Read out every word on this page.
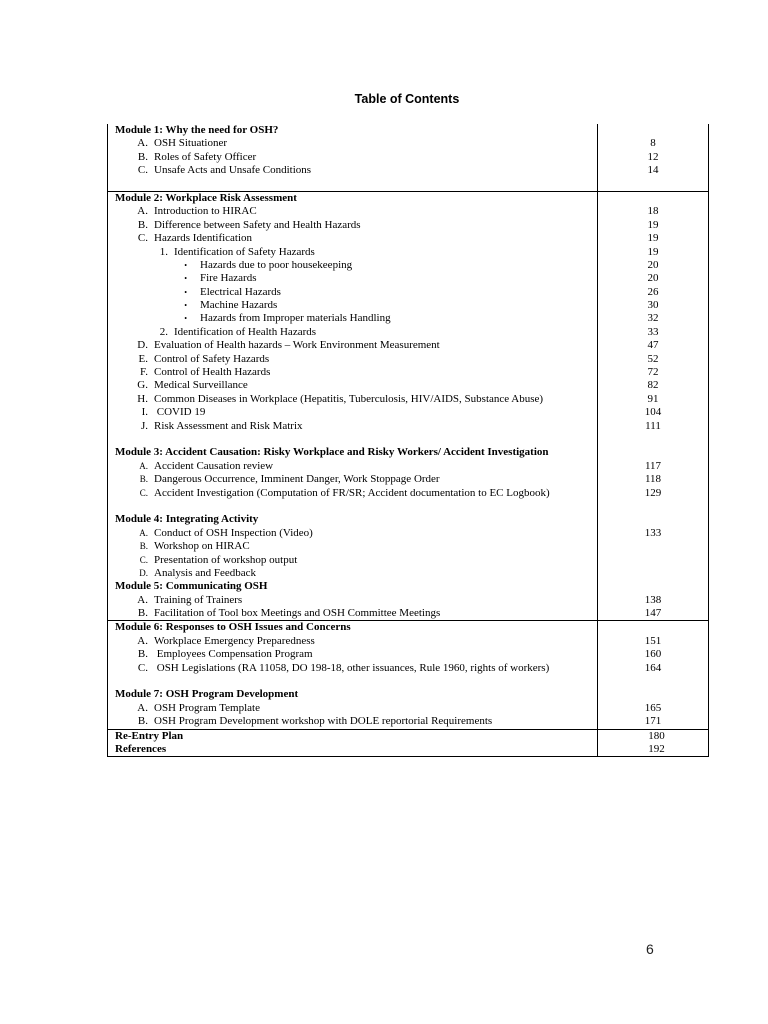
Table of Contents
Module 1: Why the need for OSH?
A. OSH Situationer	8
B. Roles of Safety Officer	12
C. Unsafe Acts and Unsafe Conditions	14
Module 2: Workplace Risk Assessment
A. Introduction to HIRAC	18
B. Difference between Safety and Health Hazards	19
C. Hazards Identification	19
1. Identification of Safety Hazards	19
• Hazards due to poor housekeeping	20
• Fire Hazards	20
• Electrical Hazards	26
• Machine Hazards	30
• Hazards from Improper materials Handling	32
2. Identification of Health Hazards	33
D. Evaluation of Health hazards – Work Environment Measurement	47
E. Control of Safety Hazards	52
F. Control of Health Hazards	72
G. Medical Surveillance	82
H. Common Diseases in Workplace (Hepatitis, Tuberculosis, HIV/AIDS, Substance Abuse)	91
I. COVID 19	104
J. Risk Assessment and Risk Matrix	111
Module 3: Accident Causation: Risky Workplace and Risky Workers/ Accident Investigation
A. Accident Causation review	117
B. Dangerous Occurrence, Imminent Danger, Work Stoppage Order	118
C. Accident Investigation (Computation of FR/SR; Accident documentation to EC Logbook)	129
Module 4: Integrating Activity
A. Conduct of OSH Inspection (Video)	133
B. Workshop on HIRAC
C. Presentation of workshop output
D. Analysis and Feedback
Module 5: Communicating OSH
A. Training of Trainers	138
B. Facilitation of Tool box Meetings and OSH Committee Meetings	147
Module 6: Responses to OSH Issues and Concerns
A. Workplace Emergency Preparedness	151
B. Employees Compensation Program	160
C. OSH Legislations (RA 11058, DO 198-18, other issuances, Rule 1960, rights of workers)	164
Module 7: OSH Program Development
A. OSH Program Template	165
B. OSH Program Development workshop with DOLE reportorial Requirements	171
Re-Entry Plan	180
References	192
6
